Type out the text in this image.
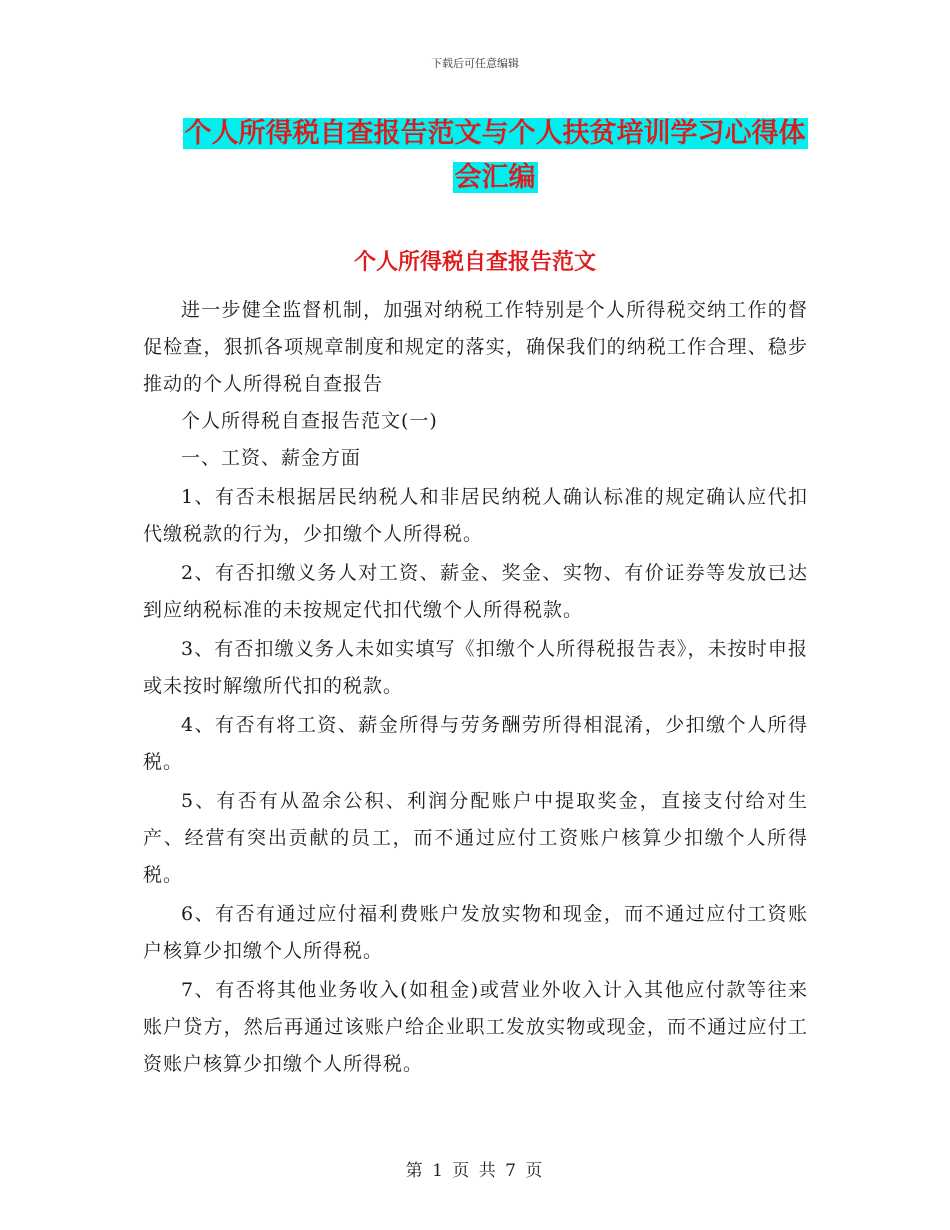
下载后可任意编辑
个人所得税自查报告范文与个人扶贫培训学习心得体
会汇编
个人所得税自查报告范文

进一步健全监督机制，加强对纳税工作特别是个人所得税交纳工作的督促检查，狠抓各项规章制度和规定的落实，确保我们的纳税工作合理、稳步推动的个人所得税自查报告

个人所得税自查报告范文(一)

一、工资、薪金方面

1、有否未根据居民纳税人和非居民纳税人确认标准的规定确认应代扣代缴税款的行为，少扣缴个人所得税。

2、有否扣缴义务人对工资、薪金、奖金、实物、有价证券等发放已达到应纳税标准的未按规定代扣代缴个人所得税款。

3、有否扣缴义务人未如实填写《扣缴个人所得税报告表》，未按时申报或未按时解缴所代扣的税款。

4、有否有将工资、薪金所得与劳务酬劳所得相混淆，少扣缴个人所得税。

5、有否有从盈余公积、利润分配账户中提取奖金，直接支付给对生产、经营有突出贡献的员工，而不通过应付工资账户核算少扣缴个人所得税。

6、有否有通过应付福利费账户发放实物和现金，而不通过应付工资账户核算少扣缴个人所得税。

7、有否将其他业务收入(如租金)或营业外收入计入其他应付款等往来账户贷方，然后再通过该账户给企业职工发放实物或现金，而不通过应付工资账户核算少扣缴个人所得税。

第 1 页 共 7 页
